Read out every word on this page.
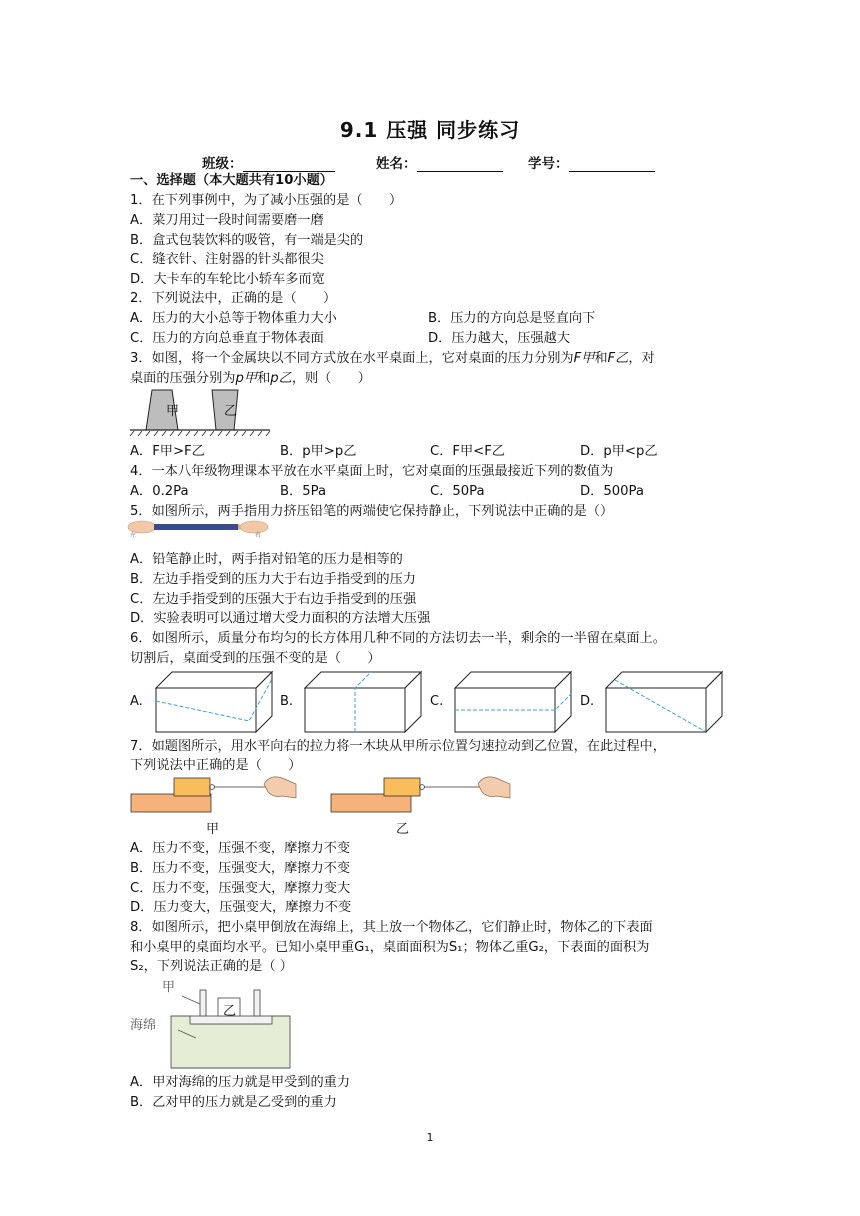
9.1 压强 同步练习
班级：	姓名：	学号：
一、选择题（本大题共有10小题）
1．在下列事例中，为了减小压强的是（　　）
A．菜刀用过一段时间需要磨一磨
B．盒式包装饮料的吸管，有一端是尖的
C．缝衣针、注射器的针头都很尖
D．大卡车的车轮比小轿车多而宽
2．下列说法中，正确的是（　　）
A．压力的大小总等于物体重力大小	B．压力的方向总是竖直向下
C．压力的方向总垂直于物体表面	D．压力越大，压强越大
3．如图，将一个金属块以不同方式放在水平桌面上，它对桌面的压力分别为F甲和F乙，对
桌面的压强分别为p甲和p乙，则（　　）
甲	乙
A．F甲>F乙	B．p甲>p乙	C．F甲<F乙	D．p甲<p乙
4．一本八年级物理课本平放在水平桌面上时，它对桌面的压强最接近下列的数值为
A．0.2Pa	B．5Pa	C．50Pa	D．500Pa
5．如图所示，两手指用力挤压铅笔的两端使它保持静止，下列说法中正确的是（）
左	右
A．铅笔静止时，两手指对铅笔的压力是相等的
B．左边手指受到的压力大于右边手指受到的压力
C．左边手指受到的压强大于右边手指受到的压强
D．实验表明可以通过增大受力面积的方法增大压强
6．如图所示，质量分布均匀的长方体用几种不同的方法切去一半，剩余的一半留在桌面上。
切割后，桌面受到的压强不变的是（　　）
A.	B.	C.	D.
7．如题图所示，用水平向右的拉力将一木块从甲所示位置匀速拉动到乙位置，在此过程中，
下列说法中正确的是（　　）
甲	乙
A．压力不变，压强不变，摩擦力不变
B．压力不变，压强变大，摩擦力不变
C．压力不变，压强变大，摩擦力变大
D．压力变大，压强变大，摩擦力不变
8．如图所示，把小桌甲倒放在海绵上，其上放一个物体乙，它们静止时，物体乙的下表面
和小桌甲的桌面均水平。已知小桌甲重G₁，桌面面积为S₁；物体乙重G₂，下表面的面积为
S₂，下列说法正确的是（ ）
甲
乙
海绵
A．甲对海绵的压力就是甲受到的重力
B．乙对甲的压力就是乙受到的重力
1
